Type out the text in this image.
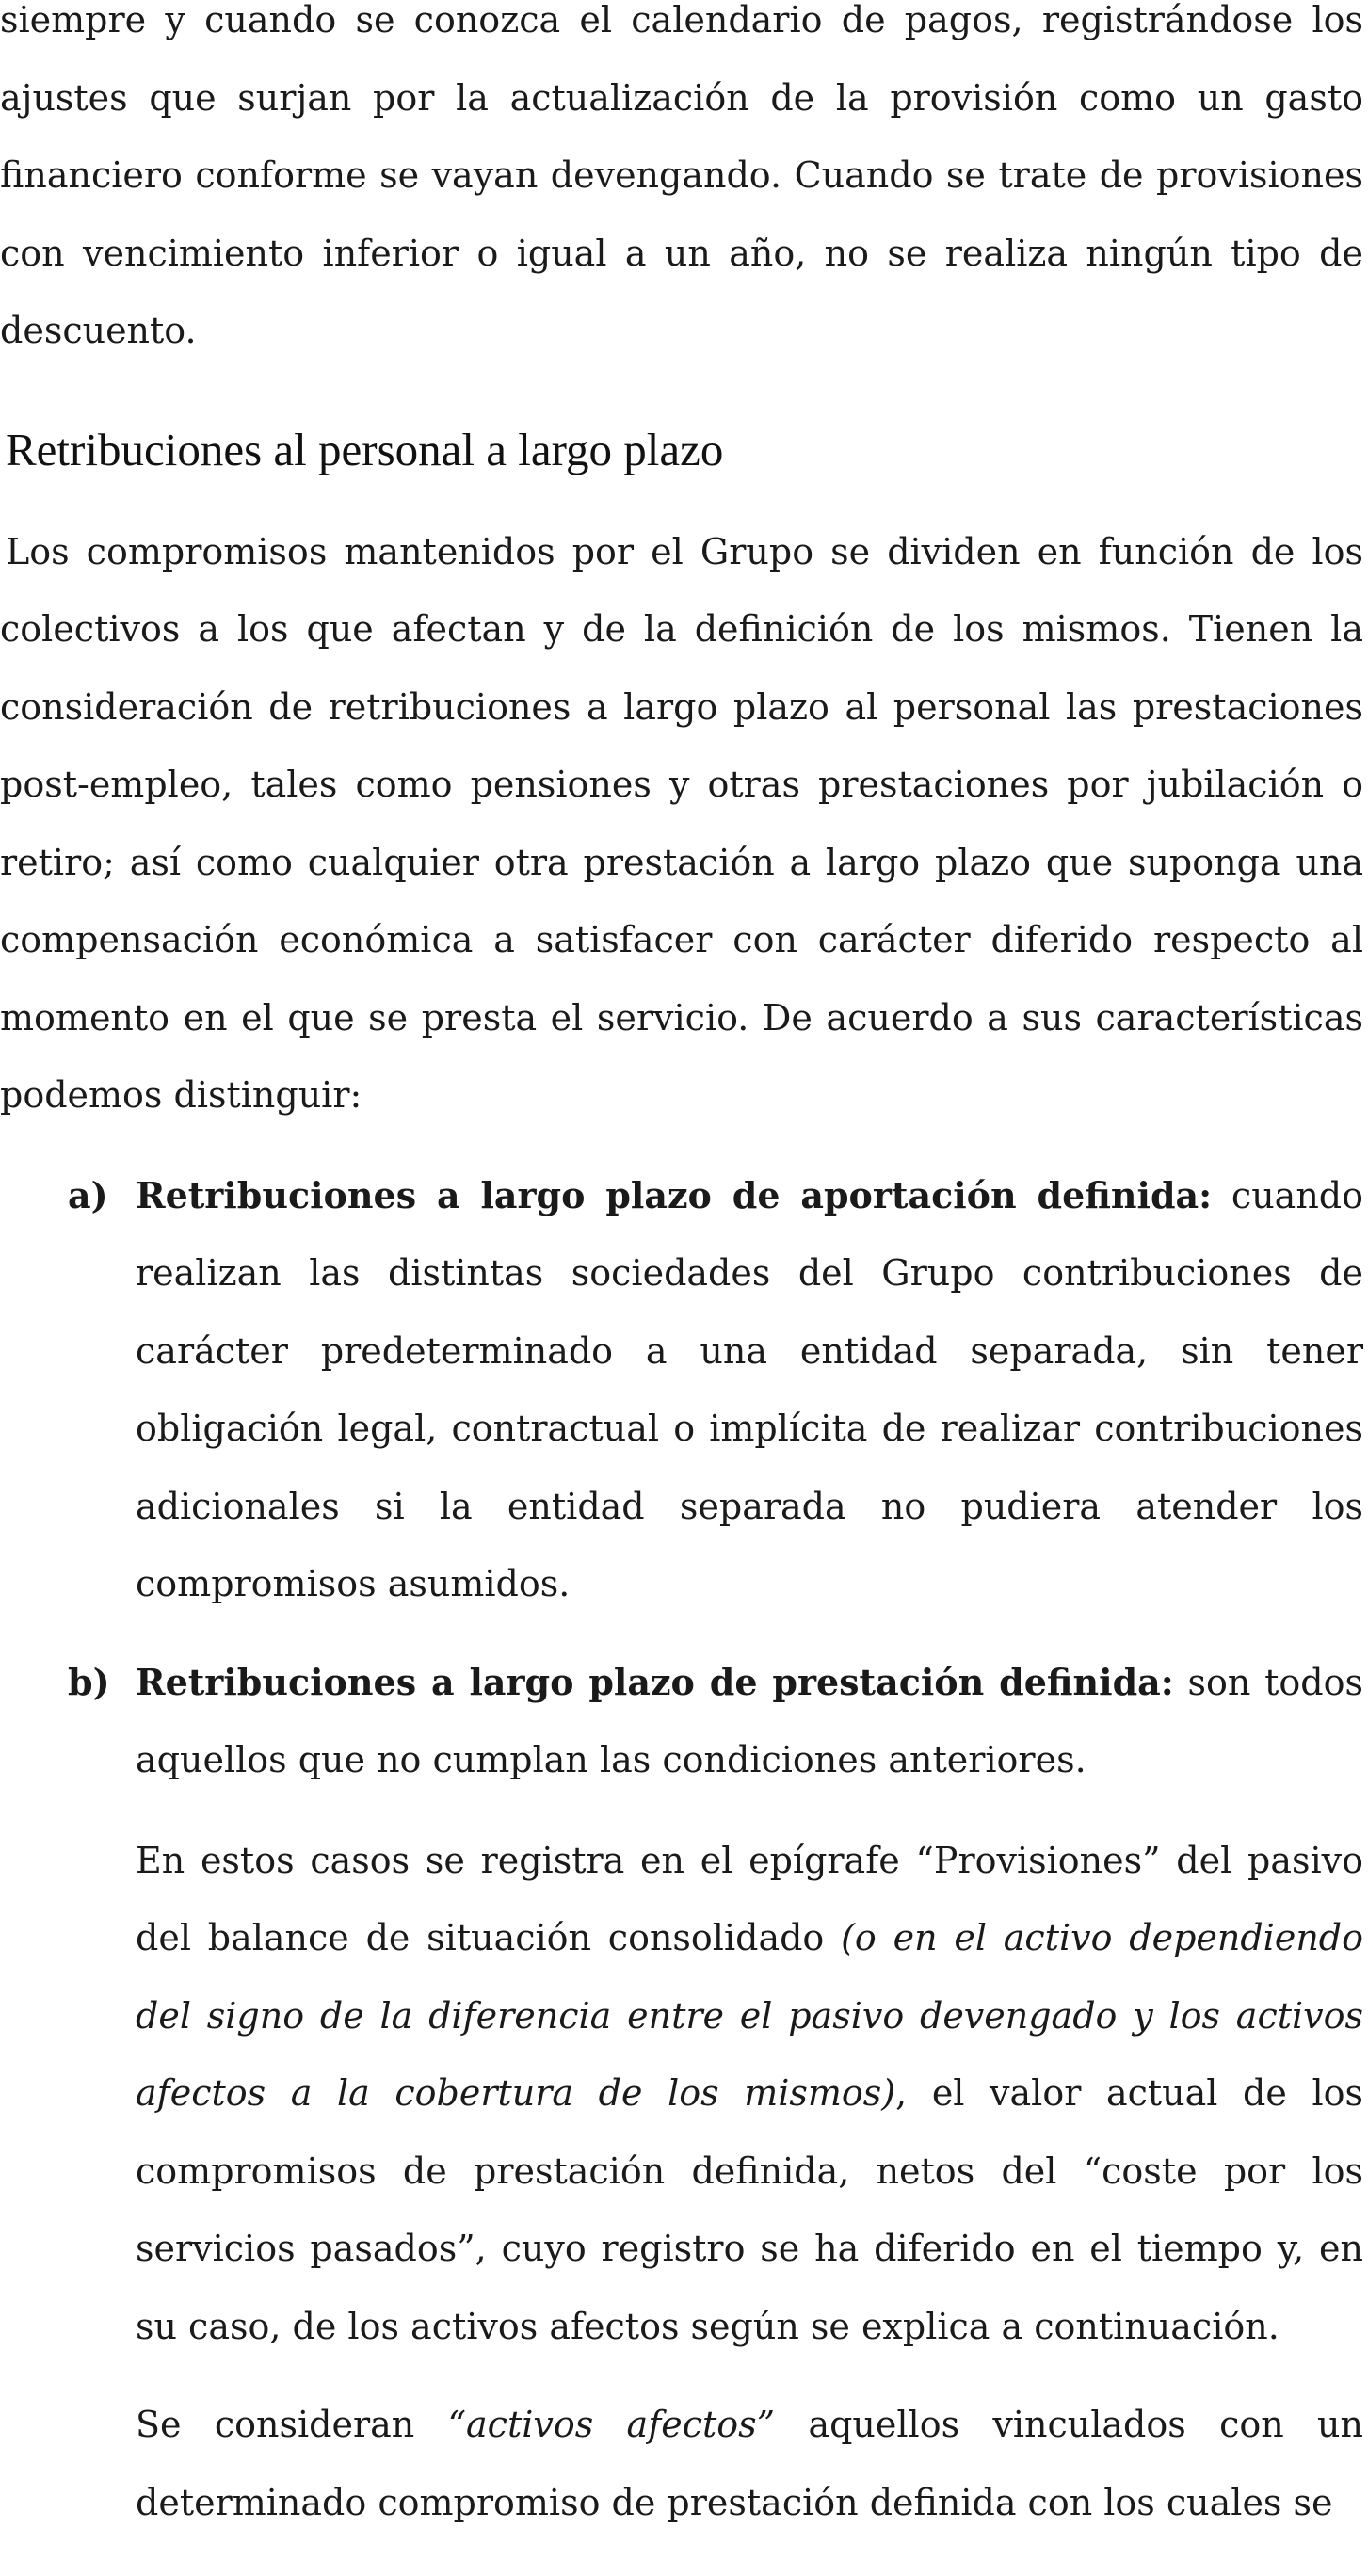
siempre y cuando se conozca el calendario de pagos, registrándose los ajustes que surjan por la actualización de la provisión como un gasto financiero conforme se vayan devengando. Cuando se trate de provisiones con vencimiento inferior o igual a un año, no se realiza ningún tipo de descuento.

Retribuciones al personal a largo plazo

Los compromisos mantenidos por el Grupo se dividen en función de los colectivos a los que afectan y de la definición de los mismos. Tienen la consideración de retribuciones a largo plazo al personal las prestaciones post-empleo, tales como pensiones y otras prestaciones por jubilación o retiro; así como cualquier otra prestación a largo plazo que suponga una compensación económica a satisfacer con carácter diferido respecto al momento en el que se presta el servicio. De acuerdo a sus características podemos distinguir:

a) Retribuciones a largo plazo de aportación definida: cuando realizan las distintas sociedades del Grupo contribuciones de carácter predeterminado a una entidad separada, sin tener obligación legal, contractual o implícita de realizar contribuciones adicionales si la entidad separada no pudiera atender los compromisos asumidos.
b) Retribuciones a largo plazo de prestación definida: son todos aquellos que no cumplan las condiciones anteriores.

En estos casos se registra en el epígrafe “Provisiones” del pasivo del balance de situación consolidado (o en el activo dependiendo del signo de la diferencia entre el pasivo devengado y los activos afectos a la cobertura de los mismos), el valor actual de los compromisos de prestación definida, netos del “coste por los servicios pasados”, cuyo registro se ha diferido en el tiempo y, en su caso, de los activos afectos según se explica a continuación.

Se consideran “activos afectos” aquellos vinculados con un determinado compromiso de prestación definida con los cuales se
